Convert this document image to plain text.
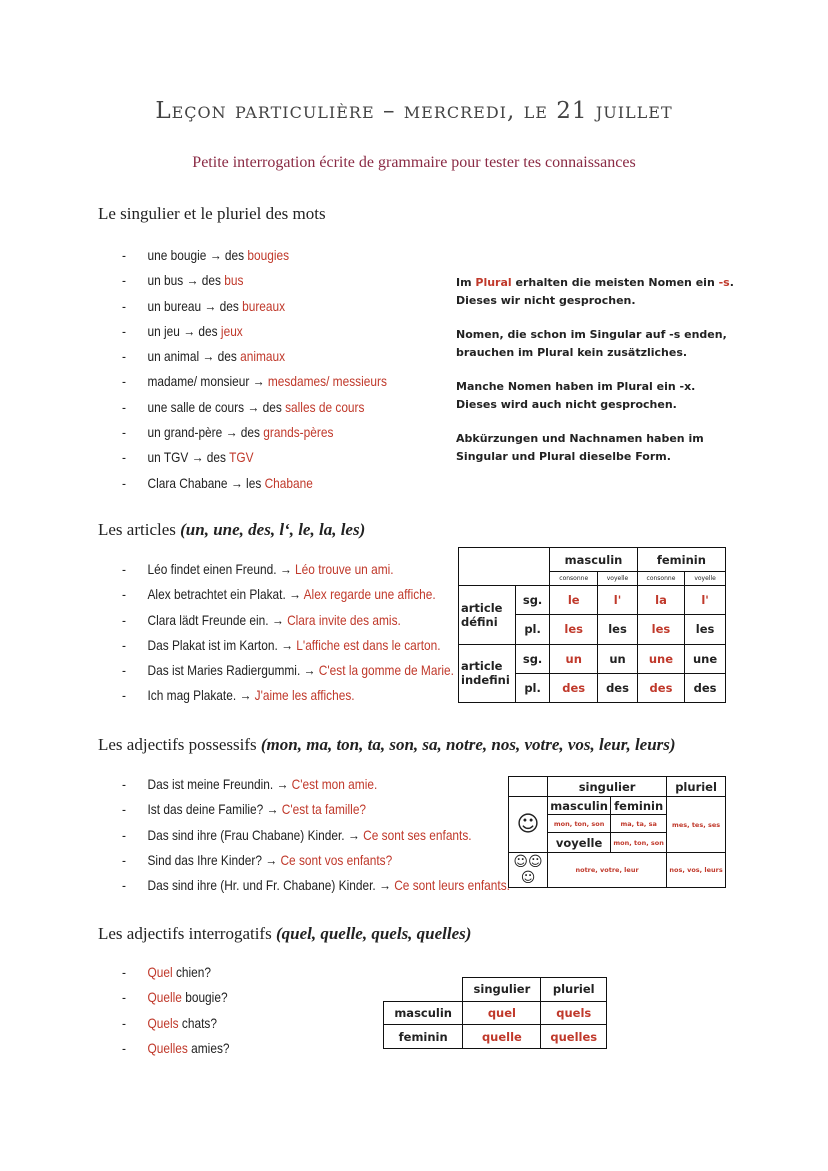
Leçon particulière – mercredi, le 21 juillet
Petite interrogation écrite de grammaire pour tester tes connaissances
Le singulier et le pluriel des mots
- une bougie → des bougies
- un bus → des bus
- un bureau → des bureaux
- un jeu → des jeux
- un animal → des animaux
- madame/ monsieur → mesdames/ messieurs
- une salle de cours → des salles de cours
- un grand-père → des grands-pères
- un TGV → des TGV
- Clara Chabane → les Chabane

Im Plural erhalten die meisten Nomen ein -s.
Dieses wir nicht gesprochen.

Nomen, die schon im Singular auf -s enden, brauchen im Plural kein zusätzliches.

Manche Nomen haben im Plural ein -x. Dieses wird auch nicht gesprochen.

Abkürzungen und Nachnamen haben im Singular und Plural dieselbe Form.

Les articles (un, une, des, l‘, le, la, les)
- Léo findet einen Freund. → Léo trouve un ami.
- Alex betrachtet ein Plakat. → Alex regarde une affiche.
- Clara lädt Freunde ein. → Clara invite des amis.
- Das Plakat ist im Karton. → L'affiche est dans le carton.
- Das ist Maries Radiergummi. → C'est la gomme de Marie.
- Ich mag Plakate. → J'aime les affiches.
		masculin		feminin	
		consonne	voyelle	consonne	voyelle
article défini	sg.	le	l'	la	l'
	pl.	les	les	les	les
article indefini	sg.	un	un	une	une
	pl.	des	des	des	des
Les adjectifs possessifs (mon, ma, ton, ta, son, sa, notre, nos, votre, vos, leur, leurs)
- Das ist meine Freundin. → C'est mon amie.
- Ist das deine Familie? → C'est ta famille?
- Das sind ihre (Frau Chabane) Kinder. → Ce sont ses enfants.
- Sind das Ihre Kinder? → Ce sont vos enfants?
- Das sind ihre (Hr. und Fr. Chabane) Kinder. → Ce sont leurs enfants.
	singulier		pluriel
☺	masculin	feminin	mes, tes, ses
	mon, ton, son	ma, ta, sa	
	voyelle	mon, ton, son	
☺☺☺	notre, votre, leur		nos, vos, leurs
Les adjectifs interrogatifs (quel, quelle, quels, quelles)
- Quel chien?
- Quelle bougie?
- Quels chats?
- Quelles amies?
	singulier	pluriel
masculin	quel	quels
feminin	quelle	quelles
